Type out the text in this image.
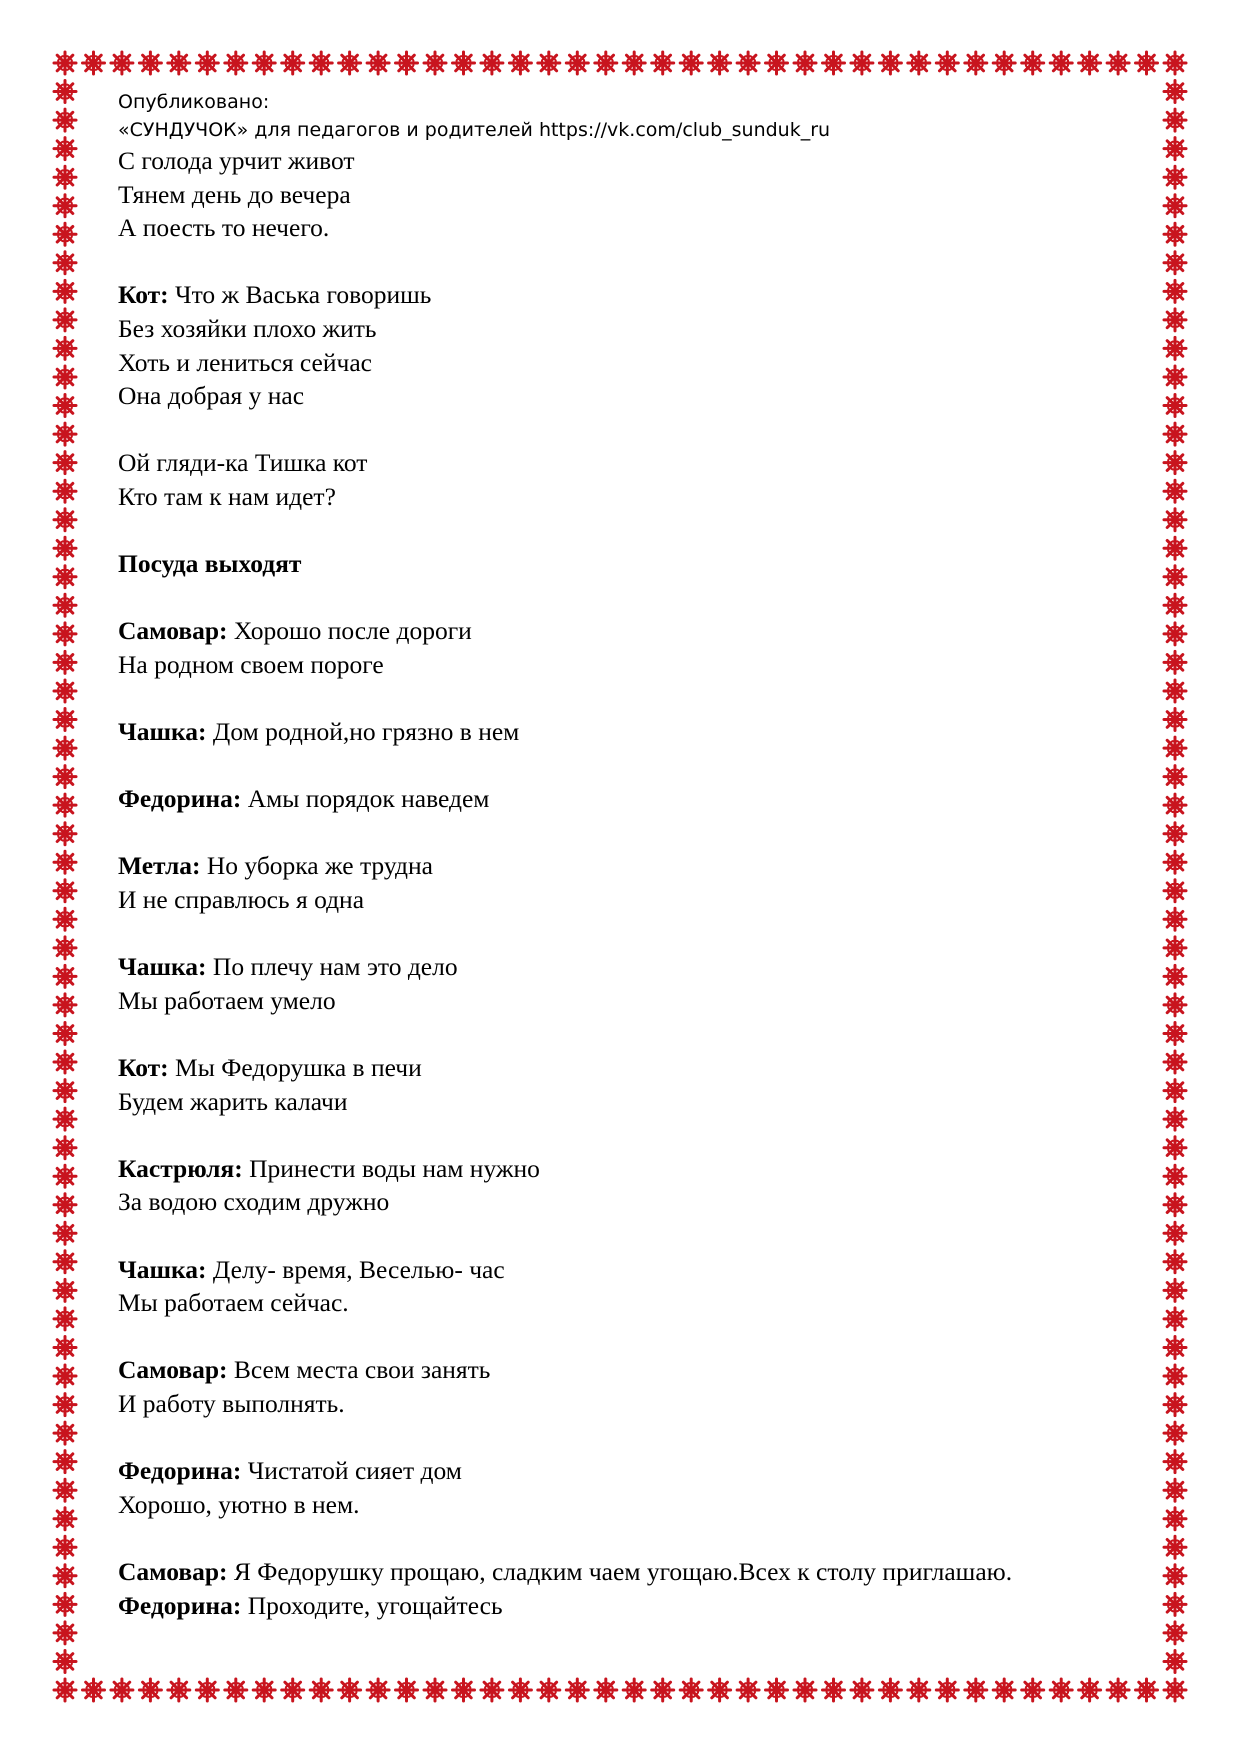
Опубликовано:
«СУНДУЧОК» для педагогов и родителей https://vk.com/club_sunduk_ru
С голода урчит живот
Тянем день до вечера
А поесть то нечего.
Кот: Что ж Васька говоришь
Без хозяйки плохо жить
Хоть и лениться сейчас
Она добрая у нас
Ой гляди-ка Тишка кот
Кто там к нам идет?
Посуда выходят
Самовар: Хорошо после дороги
На родном своем пороге
Чашка: Дом родной,но грязно в нем
Федорина: Амы порядок наведем
Метла: Но уборка же трудна
И не справлюсь я одна
Чашка: По плечу нам это дело
Мы работаем умело
Кот: Мы Федорушка в печи
Будем жарить калачи
Кастрюля: Принести воды нам нужно
За водою сходим дружно
Чашка: Делу- время, Веселью- час
Мы работаем сейчас.
Самовар: Всем места свои занять
И работу выполнять.
Федорина: Чистатой сияет дом
Хорошо, уютно в нем.
Самовар: Я Федорушку прощаю, сладким чаем угощаю.Всех к столу приглашаю.
Федорина: Проходите, угощайтесь
